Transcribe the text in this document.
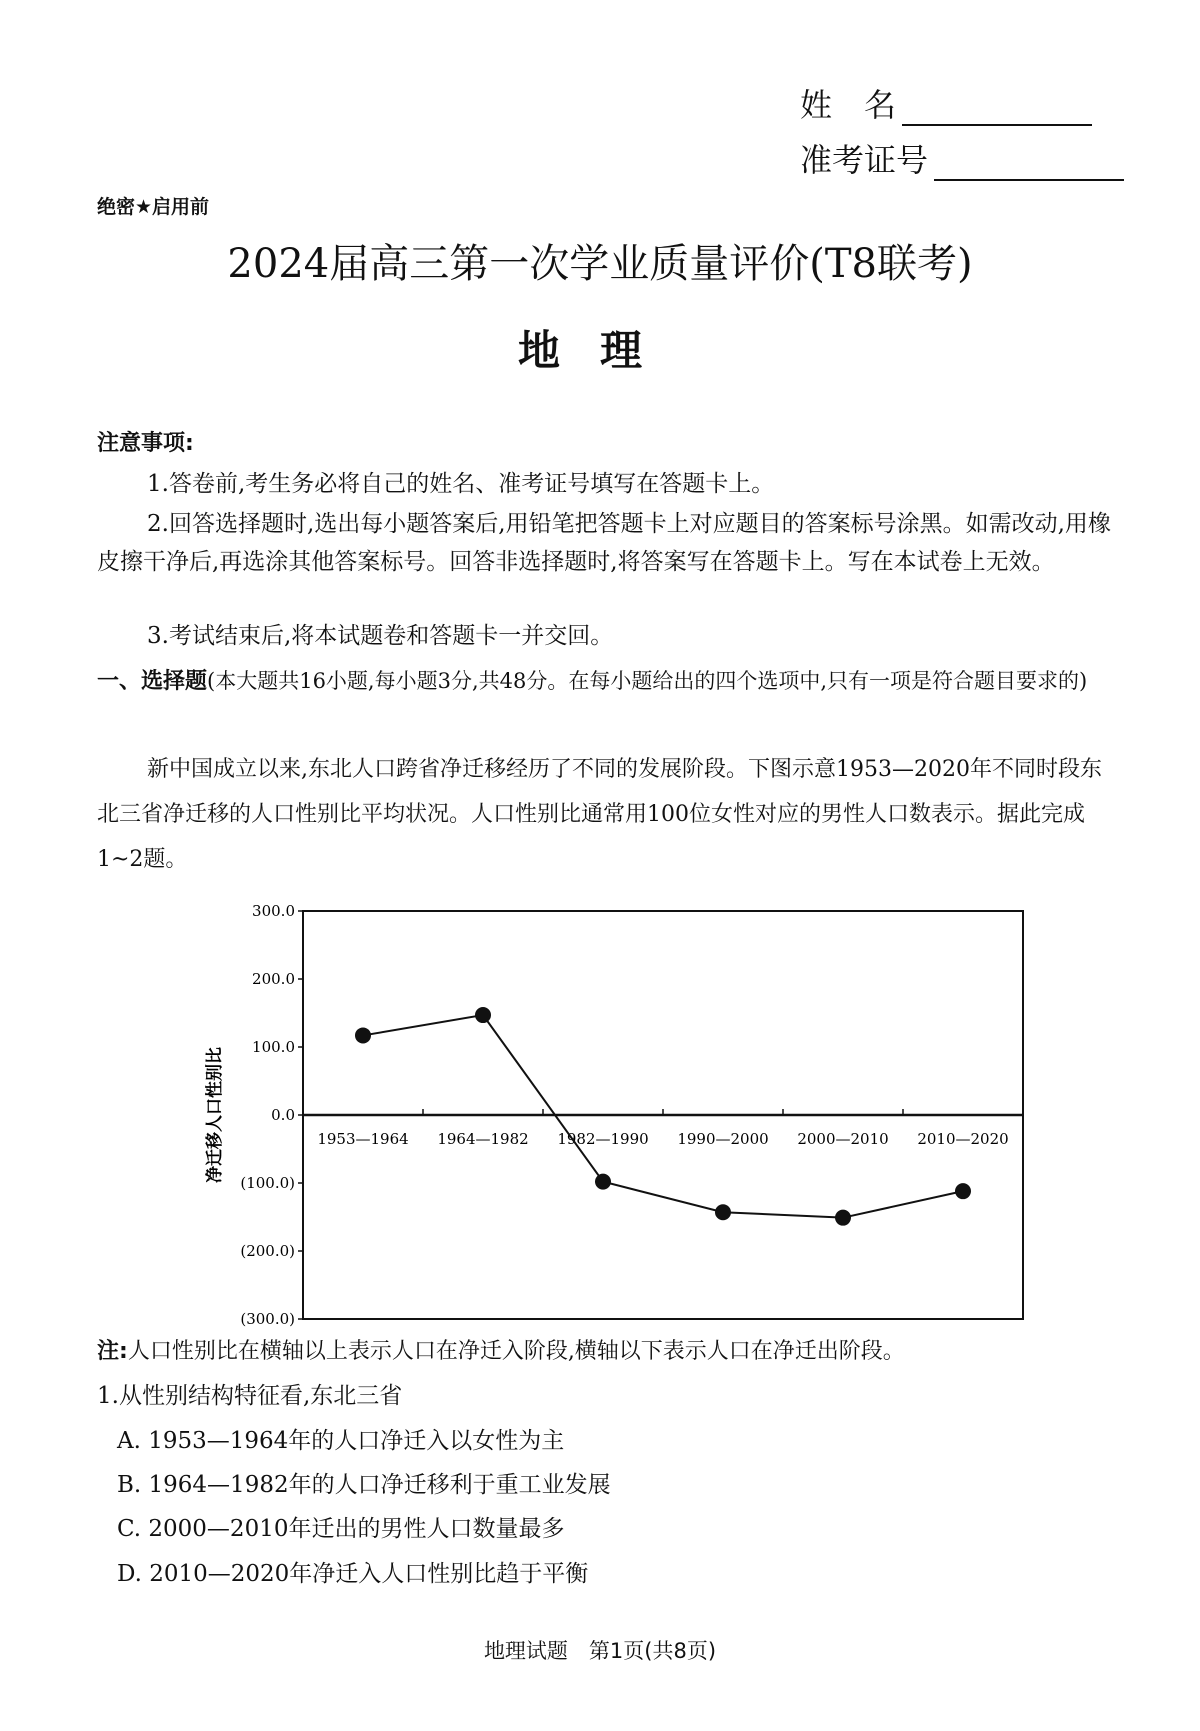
姓　名
准考证号
绝密★启用前
2024届高三第一次学业质量评价(T8联考)
地理
注意事项:
1.答卷前,考生务必将自己的姓名、准考证号填写在答题卡上。
2.回答选择题时,选出每小题答案后,用铅笔把答题卡上对应题目的答案标号涂黑。如需改动,用橡皮擦干净后,再选涂其他答案标号。回答非选择题时,将答案写在答题卡上。写在本试卷上无效。
3.考试结束后,将本试题卷和答题卡一并交回。
一、选择题(本大题共16小题,每小题3分,共48分。在每小题给出的四个选项中,只有一项是符合题目要求的)
新中国成立以来,东北人口跨省净迁移经历了不同的发展阶段。下图示意1953—2020年不同时段东北三省净迁移的人口性别比平均状况。人口性别比通常用100位女性对应的男性人口数表示。据此完成1~2题。
300.0
200.0
100.0
0.0
(100.0)
(200.0)
(300.0)
1953—1964 1964—1982 1982—1990 1990—2000 2000—2010 2010—2020
净迁移人口性别比
注:人口性别比在横轴以上表示人口在净迁入阶段,横轴以下表示人口在净迁出阶段。
1.从性别结构特征看,东北三省
A. 1953—1964年的人口净迁入以女性为主
B. 1964—1982年的人口净迁移利于重工业发展
C. 2000—2010年迁出的男性人口数量最多
D. 2010—2020年净迁入人口性别比趋于平衡
地理试题　第1页(共8页)
